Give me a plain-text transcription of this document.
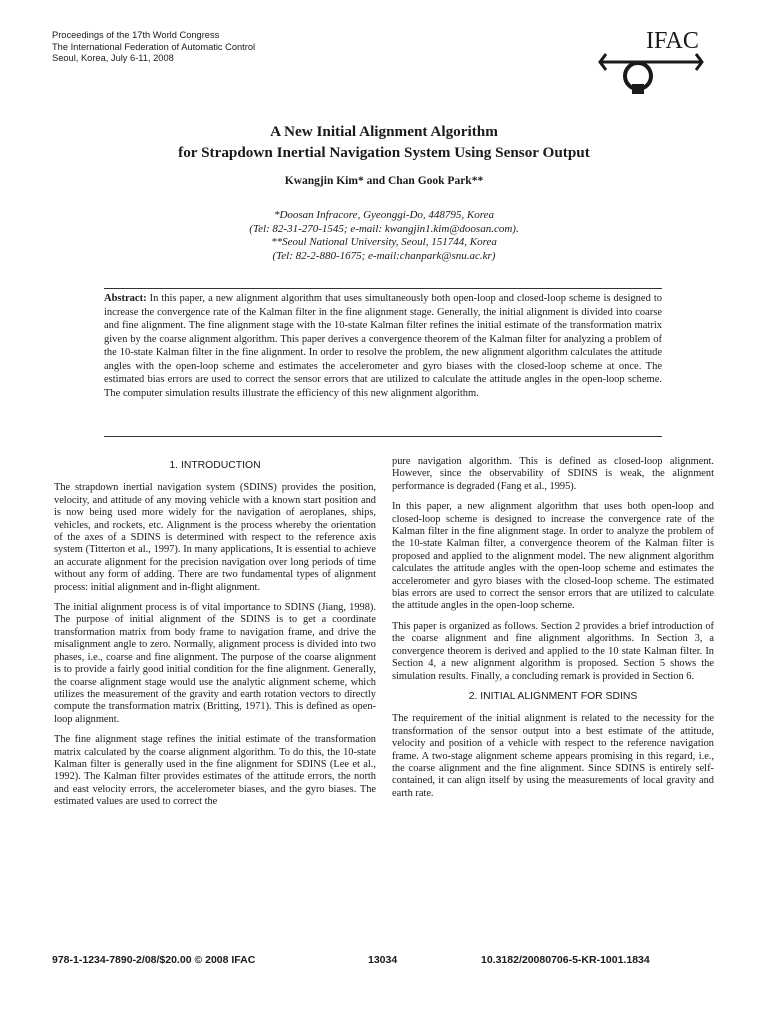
Proceedings of the 17th World Congress
The International Federation of Automatic Control
Seoul, Korea, July 6-11, 2008
IFAC
A New Initial Alignment Algorithm
for Strapdown Inertial Navigation System Using Sensor Output
Kwangjin Kim* and Chan Gook Park**
*Doosan Infracore, Gyeonggi-Do, 448795, Korea
(Tel: 82-31-270-1545; e-mail: kwangjin1.kim@doosan.com).
**Seoul National University, Seoul, 151744, Korea
(Tel: 82-2-880-1675; e-mail:chanpark@snu.ac.kr)
Abstract: In this paper, a new alignment algorithm that uses simultaneously both open-loop and closed-loop scheme is designed to increase the convergence rate of the Kalman filter in the fine alignment stage. Generally, the initial alignment is divided into coarse and fine alignment. The fine alignment stage with the 10-state Kalman filter refines the initial estimate of the transformation matrix given by the coarse alignment algorithm. This paper derives a convergence theorem of the Kalman filter for analyzing a problem of the 10-state Kalman filter in the fine alignment. In order to resolve the problem, the new alignment algorithm calculates the attitude angles with the open-loop scheme and estimates the accelerometer and gyro biases with the closed-loop scheme at once. The estimated bias errors are used to correct the sensor errors that are utilized to calculate the attitude angles in the open-loop scheme. The computer simulation results illustrate the efficiency of this new alignment algorithm.
1. INTRODUCTION

The strapdown inertial navigation system (SDINS) provides the position, velocity, and attitude of any moving vehicle with a known start position and is now being used more widely for the navigation of aeroplanes, ships, vehicles, and rockets, etc. Alignment is the process whereby the orientation of the axes of a SDINS is determined with respect to the reference axis system (Titterton et al., 1997). In many applications, It is essential to achieve an accurate alignment for the precision navigation over long periods of time without any form of adding. There are two fundamental types of alignment process: initial alignment and in-flight alignment.

The initial alignment process is of vital importance to SDINS (Jiang, 1998). The purpose of initial alignment of the SDINS is to get a coordinate transformation matrix from body frame to navigation frame, and drive the misalignment angle to zero. Normally, alignment process is divided into two phases, i.e., coarse and fine alignment. The purpose of the coarse alignment is to provide a fairly good initial condition for the fine alignment. Generally, the coarse alignment stage would use the analytic alignment scheme, which utilizes the measurement of the gravity and earth rotation vectors to directly compute the transformation matrix (Britting, 1971). This is defined as open-loop alignment.

The fine alignment stage refines the initial estimate of the transformation matrix calculated by the coarse alignment algorithm. To do this, the 10-state Kalman filter is generally used in the fine alignment for SDINS (Lee et al., 1992). The Kalman filter provides estimates of the attitude errors, the north and east velocity errors, the accelerometer biases, and the gyro biases. The estimated values are used to correct the

pure navigation algorithm. This is defined as closed-loop alignment. However, since the observability of SDINS is weak, the alignment performance is degraded (Fang et al., 1995).

In this paper, a new alignment algorithm that uses both open-loop and closed-loop scheme is designed to increase the convergence rate of the Kalman filter in the fine alignment stage. In order to analyze the problem of the 10-state Kalman filter, a convergence theorem of the Kalman filter is proposed and applied to the alignment model. The new alignment algorithm calculates the attitude angles with the open-loop scheme and estimates the accelerometer and gyro biases with the closed-loop scheme. The estimated bias errors are used to correct the sensor errors that are utilized to calculate the attitude angles in the open-loop scheme.

This paper is organized as follows. Section 2 provides a brief introduction of the coarse alignment and fine alignment algorithms. In Section 3, a convergence theorem is derived and applied to the 10 state Kalman filter. In Section 4, a new alignment algorithm is proposed. Section 5 shows the simulation results. Finally, a concluding remark is provided in Section 6.

2. INITIAL ALIGNMENT FOR SDINS

The requirement of the initial alignment is related to the necessity for the transformation of the sensor output into a best estimate of the attitude, velocity and position of a vehicle with respect to the reference navigation frame. A two-stage alignment scheme appears promising in this regard, i.e., the coarse alignment and the fine alignment. Since SDINS is entirely self-contained, it can align itself by using the measurements of local gravity and earth rate.

978-1-1234-7890-2/08/$20.00 © 2008 IFAC	13034	10.3182/20080706-5-KR-1001.1834
